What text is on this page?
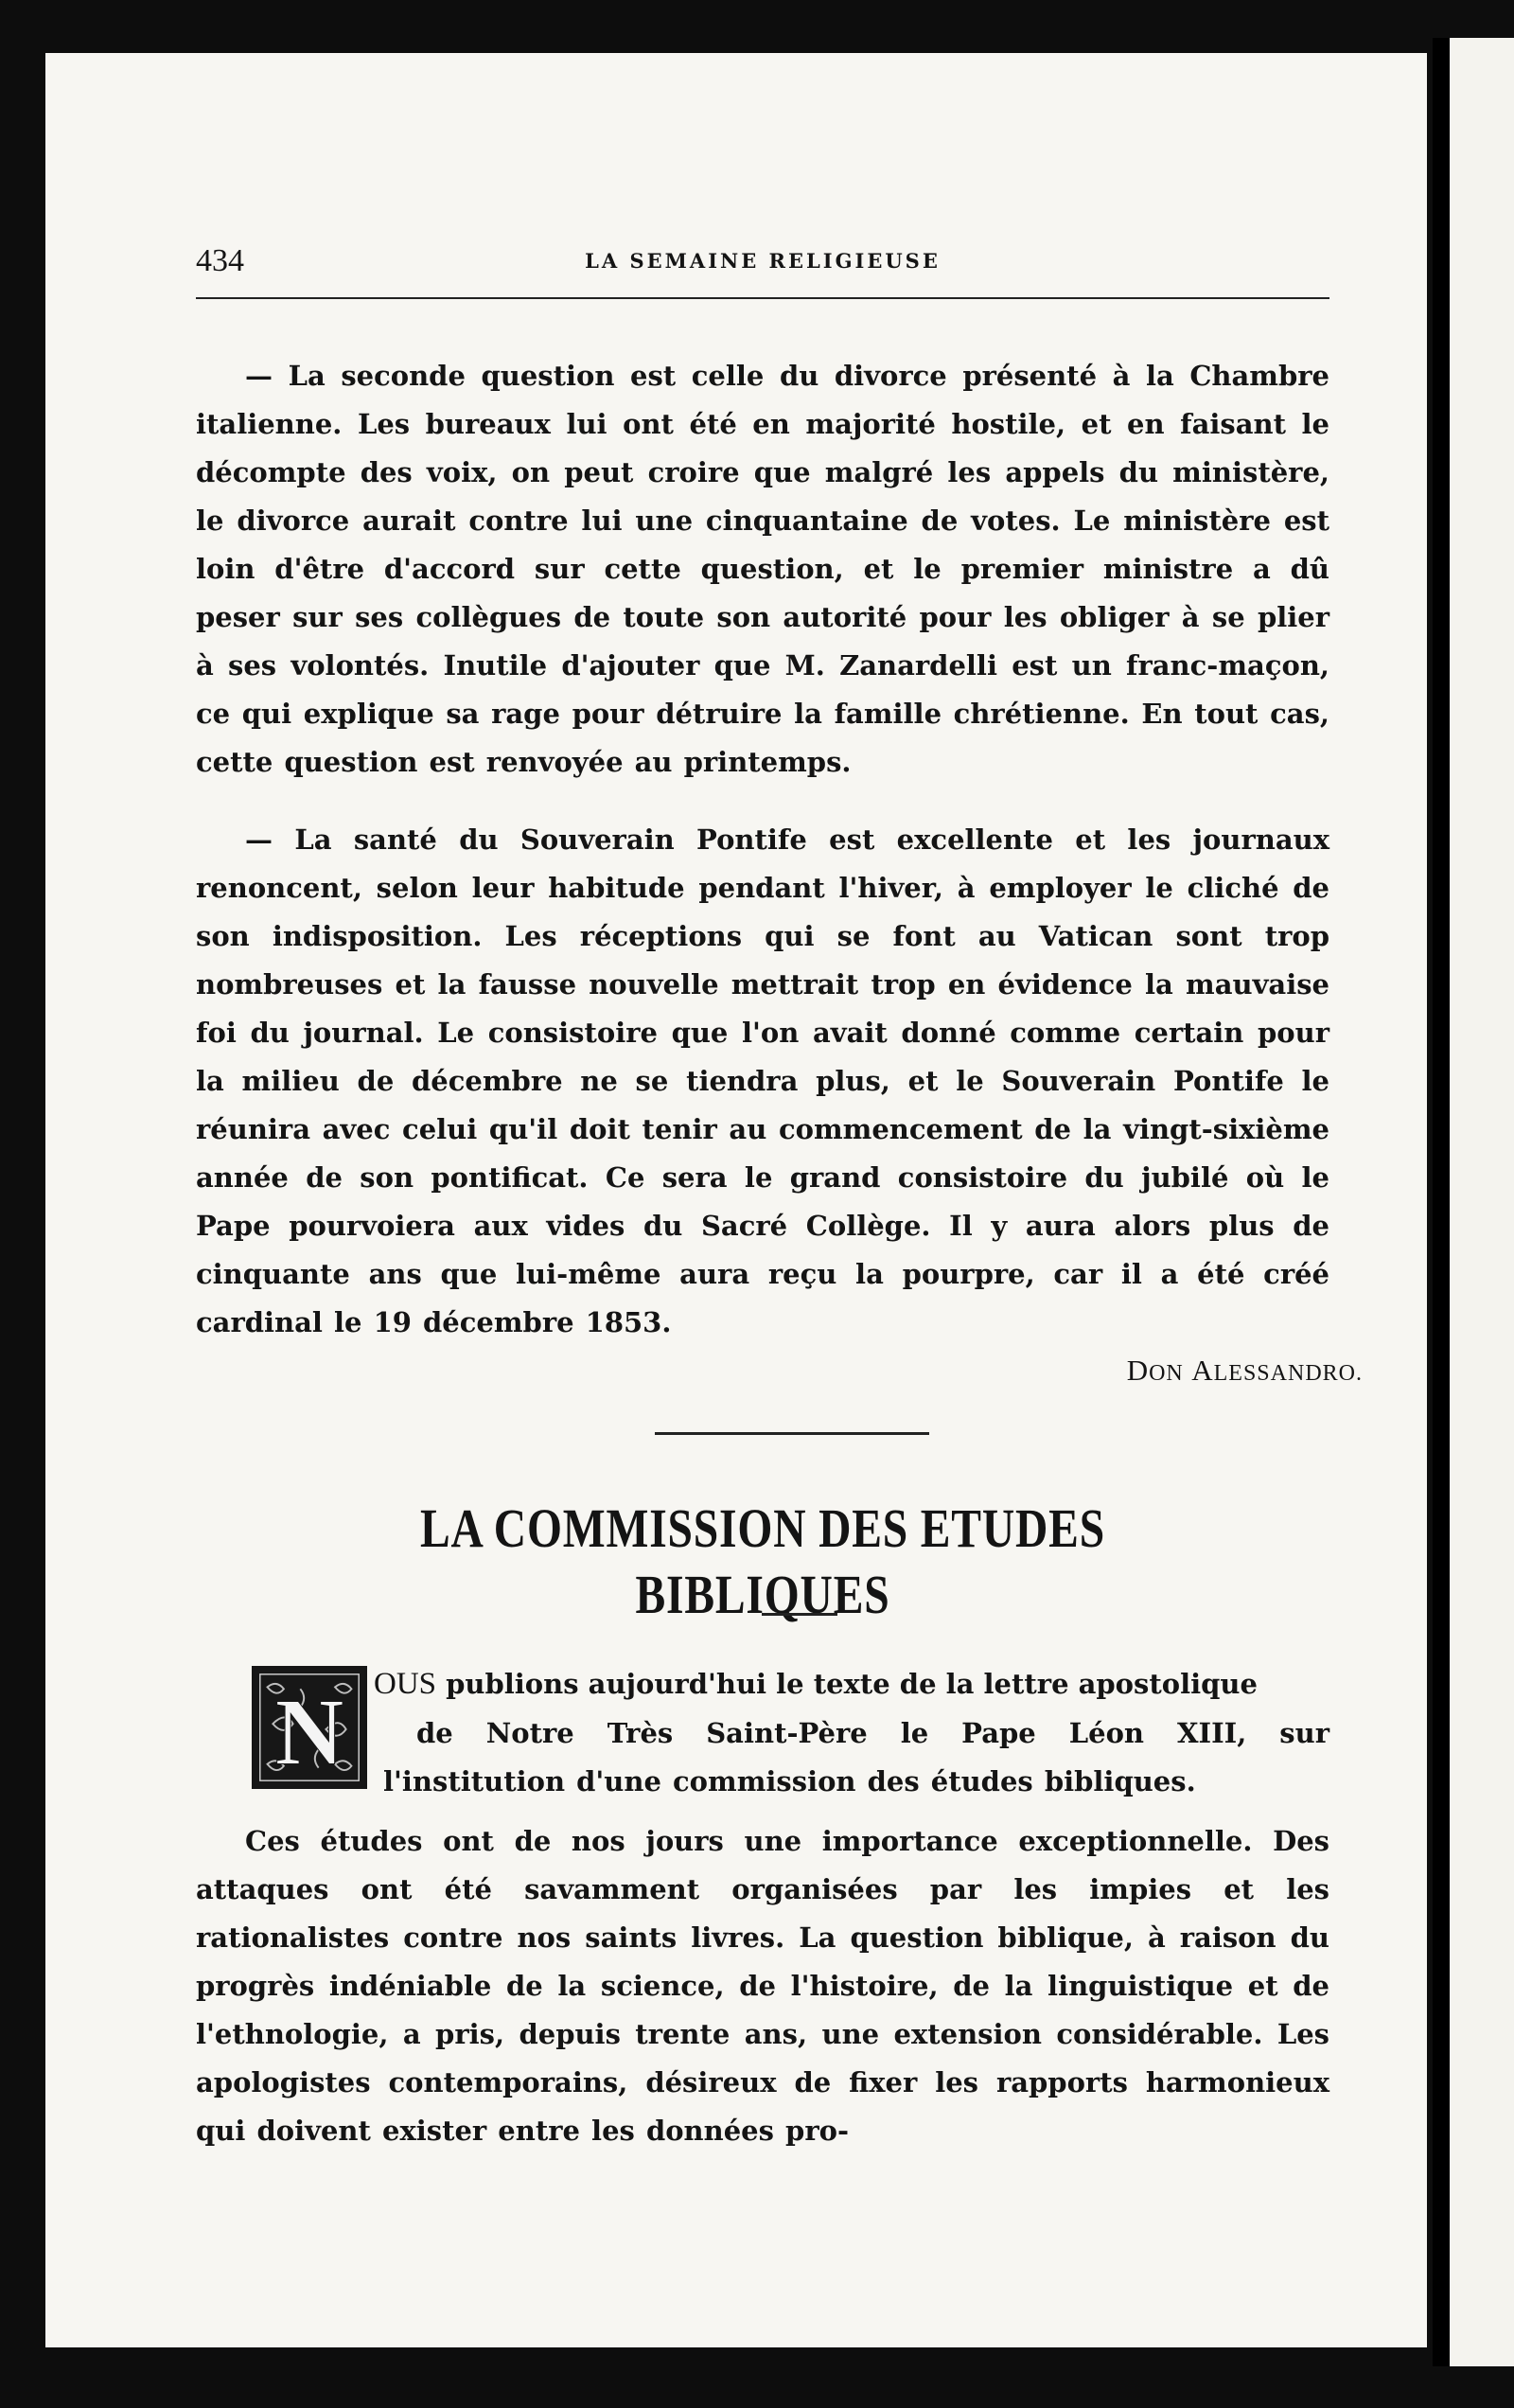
434	LA SEMAINE RELIGIEUSE

— La seconde question est celle du divorce présenté à la Chambre italienne. Les bureaux lui ont été en majorité hostile, et en faisant le décompte des voix, on peut croire que malgré les appels du ministère, le divorce aurait contre lui une cinquantaine de votes. Le ministère est loin d'être d'accord sur cette question, et le premier ministre a dû peser sur ses collègues de toute son autorité pour les obliger à se plier à ses volontés. Inutile d'ajouter que M. Zanardelli est un franc-maçon, ce qui explique sa rage pour détruire la famille chrétienne. En tout cas, cette question est renvoyée au printemps.

— La santé du Souverain Pontife est excellente et les journaux renoncent, selon leur habitude pendant l'hiver, à employer le cliché de son indisposition. Les réceptions qui se font au Vatican sont trop nombreuses et la fausse nouvelle mettrait trop en évidence la mauvaise foi du journal. Le consistoire que l'on avait donné comme certain pour la milieu de décembre ne se tiendra plus, et le Souverain Pontife le réunira avec celui qu'il doit tenir au commencement de la vingt-sixième année de son pontificat. Ce sera le grand consistoire du jubilé où le Pape pourvoiera aux vides du Sacré Collège. Il y aura alors plus de cinquante ans que lui-même aura reçu la pourpre, car il a été créé cardinal le 19 décembre 1853.

DON ALESSANDRO.
LA COMMISSION DES ETUDES BIBLIQUES
N OUS publions aujourd'hui le texte de la lettre apostolique

de Notre Très Saint-Père le Pape Léon XIII, sur l'institution d'une commission des études bibliques.

Ces études ont de nos jours une importance exceptionnelle. Des attaques ont été savamment organisées par les impies et les rationalistes contre nos saints livres. La question biblique, à raison du progrès indéniable de la science, de l'histoire, de la linguistique et de l'ethnologie, a pris, depuis trente ans, une extension considérable. Les apologistes contemporains, désireux de fixer les rapports harmonieux qui doivent exister entre les données pro-
